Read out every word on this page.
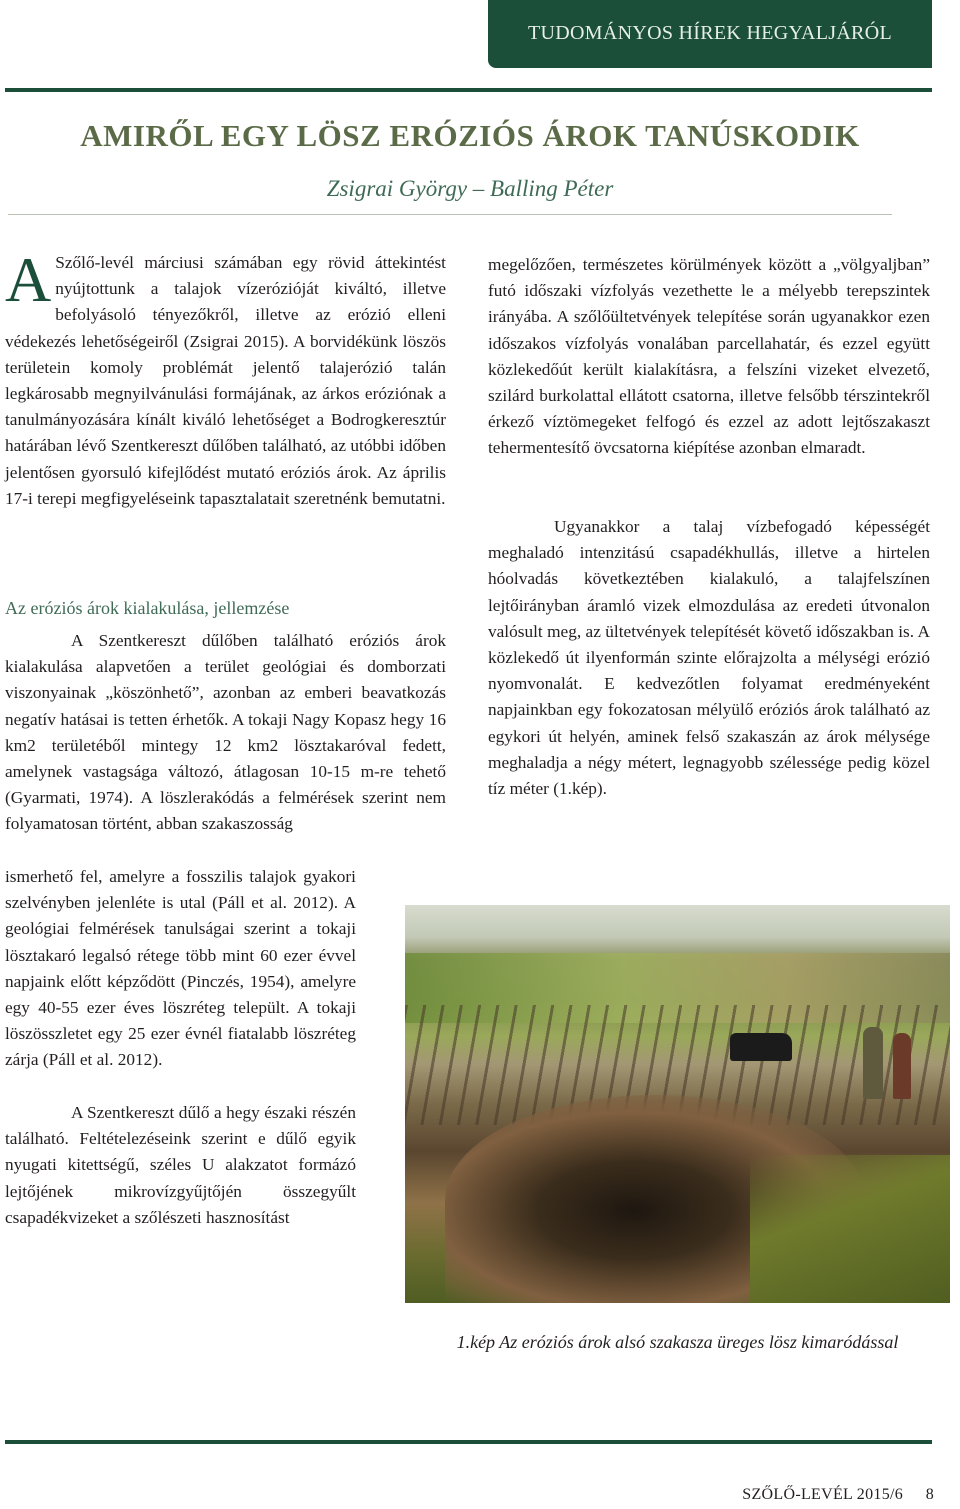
TUDOMÁNYOS HÍREK HEGYALJÁRÓL
AMIRŐL EGY LÖSZ ERÓZIÓS ÁROK TANÚSKODIK
Zsigrai György – Balling Péter

A Szőlő-levél márciusi számában egy rövid áttekintést nyújtottunk a talajok vízerózióját kiváltó, illetve befolyásoló tényezőkről, illetve az erózió elleni védekezés lehetőségeiről (Zsigrai 2015). A borvidékünk löszös területein komoly problémát jelentő talajerózió talán legkárosabb megnyilvánulási formájának, az árkos eróziónak a tanulmányozására kínált kiváló lehetőséget a Bodrogkeresztúr határában lévő Szentkereszt dűlőben található, az utóbbi időben jelentősen gyorsuló kifejlődést mutató eróziós árok. Az április 17-i terepi megfigyeléseink tapasztalatait szeretnénk bemutatni.

Az eróziós árok kialakulása, jellemzése

A Szentkereszt dűlőben található eróziós árok kialakulása alapvetően a terület geológiai és domborzati viszonyainak „köszönhető”, azonban az emberi beavatkozás negatív hatásai is tetten érhetők. A tokaji Nagy Kopasz hegy 16 km2 területéből mintegy 12 km2 lösztakaróval fedett, amelynek vastagsága változó, átlagosan 10-15 m-re tehető (Gyarmati, 1974). A löszlerakódás a felmérések szerint nem folyamatosan történt, abban szakaszosság

ismerhető fel, amelyre a fosszilis talajok gyakori szelvényben jelenléte is utal (Páll et al. 2012). A geológiai felmérések tanulságai szerint a tokaji lösztakaró legalsó rétege több mint 60 ezer évvel napjaink előtt képződött (Pinczés, 1954), amelyre egy 40-55 ezer éves löszréteg települt. A tokaji löszösszletet egy 25 ezer évnél fiatalabb löszréteg zárja (Páll et al. 2012).

A Szentkereszt dűlő a hegy északi részén található. Feltételezéseink szerint e dűlő egyik nyugati kitettségű, széles U alakzatot formázó lejtőjének mikrovízgyűjtőjén összegyűlt csapadékvizeket a szőlészeti hasznosítást

megelőzően, természetes körülmények között a „völgyaljban” futó időszaki vízfolyás vezethette le a mélyebb terepszintek irányába. A szőlőültetvények telepítése során ugyanakkor ezen időszakos vízfolyás vonalában parcellahatár, és ezzel együtt közlekedőút került kialakításra, a felszíni vizeket elvezető, szilárd burkolattal ellátott csatorna, illetve felsőbb térszintekről érkező víztömegeket felfogó és ezzel az adott lejtőszakaszt tehermentesítő övcsatorna kiépítése azonban elmaradt.

Ugyanakkor a talaj vízbefogadó képességét meghaladó intenzitású csapadékhullás, illetve a hirtelen hóolvadás következtében kialakuló, a talajfelszínen lejtőirányban áramló vizek elmozdulása az eredeti útvonalon valósult meg, az ültetvények telepítését követő időszakban is. A közlekedő út ilyenformán szinte előrajzolta a mélységi erózió nyomvonalát. E kedvezőtlen folyamat eredményeként napjainkban egy fokozatosan mélyülő eróziós árok található az egykori út helyén, aminek felső szakaszán az árok mélysége meghaladja a négy métert, legnagyobb szélessége pedig közel tíz méter (1.kép).

1.kép Az eróziós árok alsó szakasza üreges lösz kimaródással
SZŐLŐ-LEVÉL 2015/6 8
